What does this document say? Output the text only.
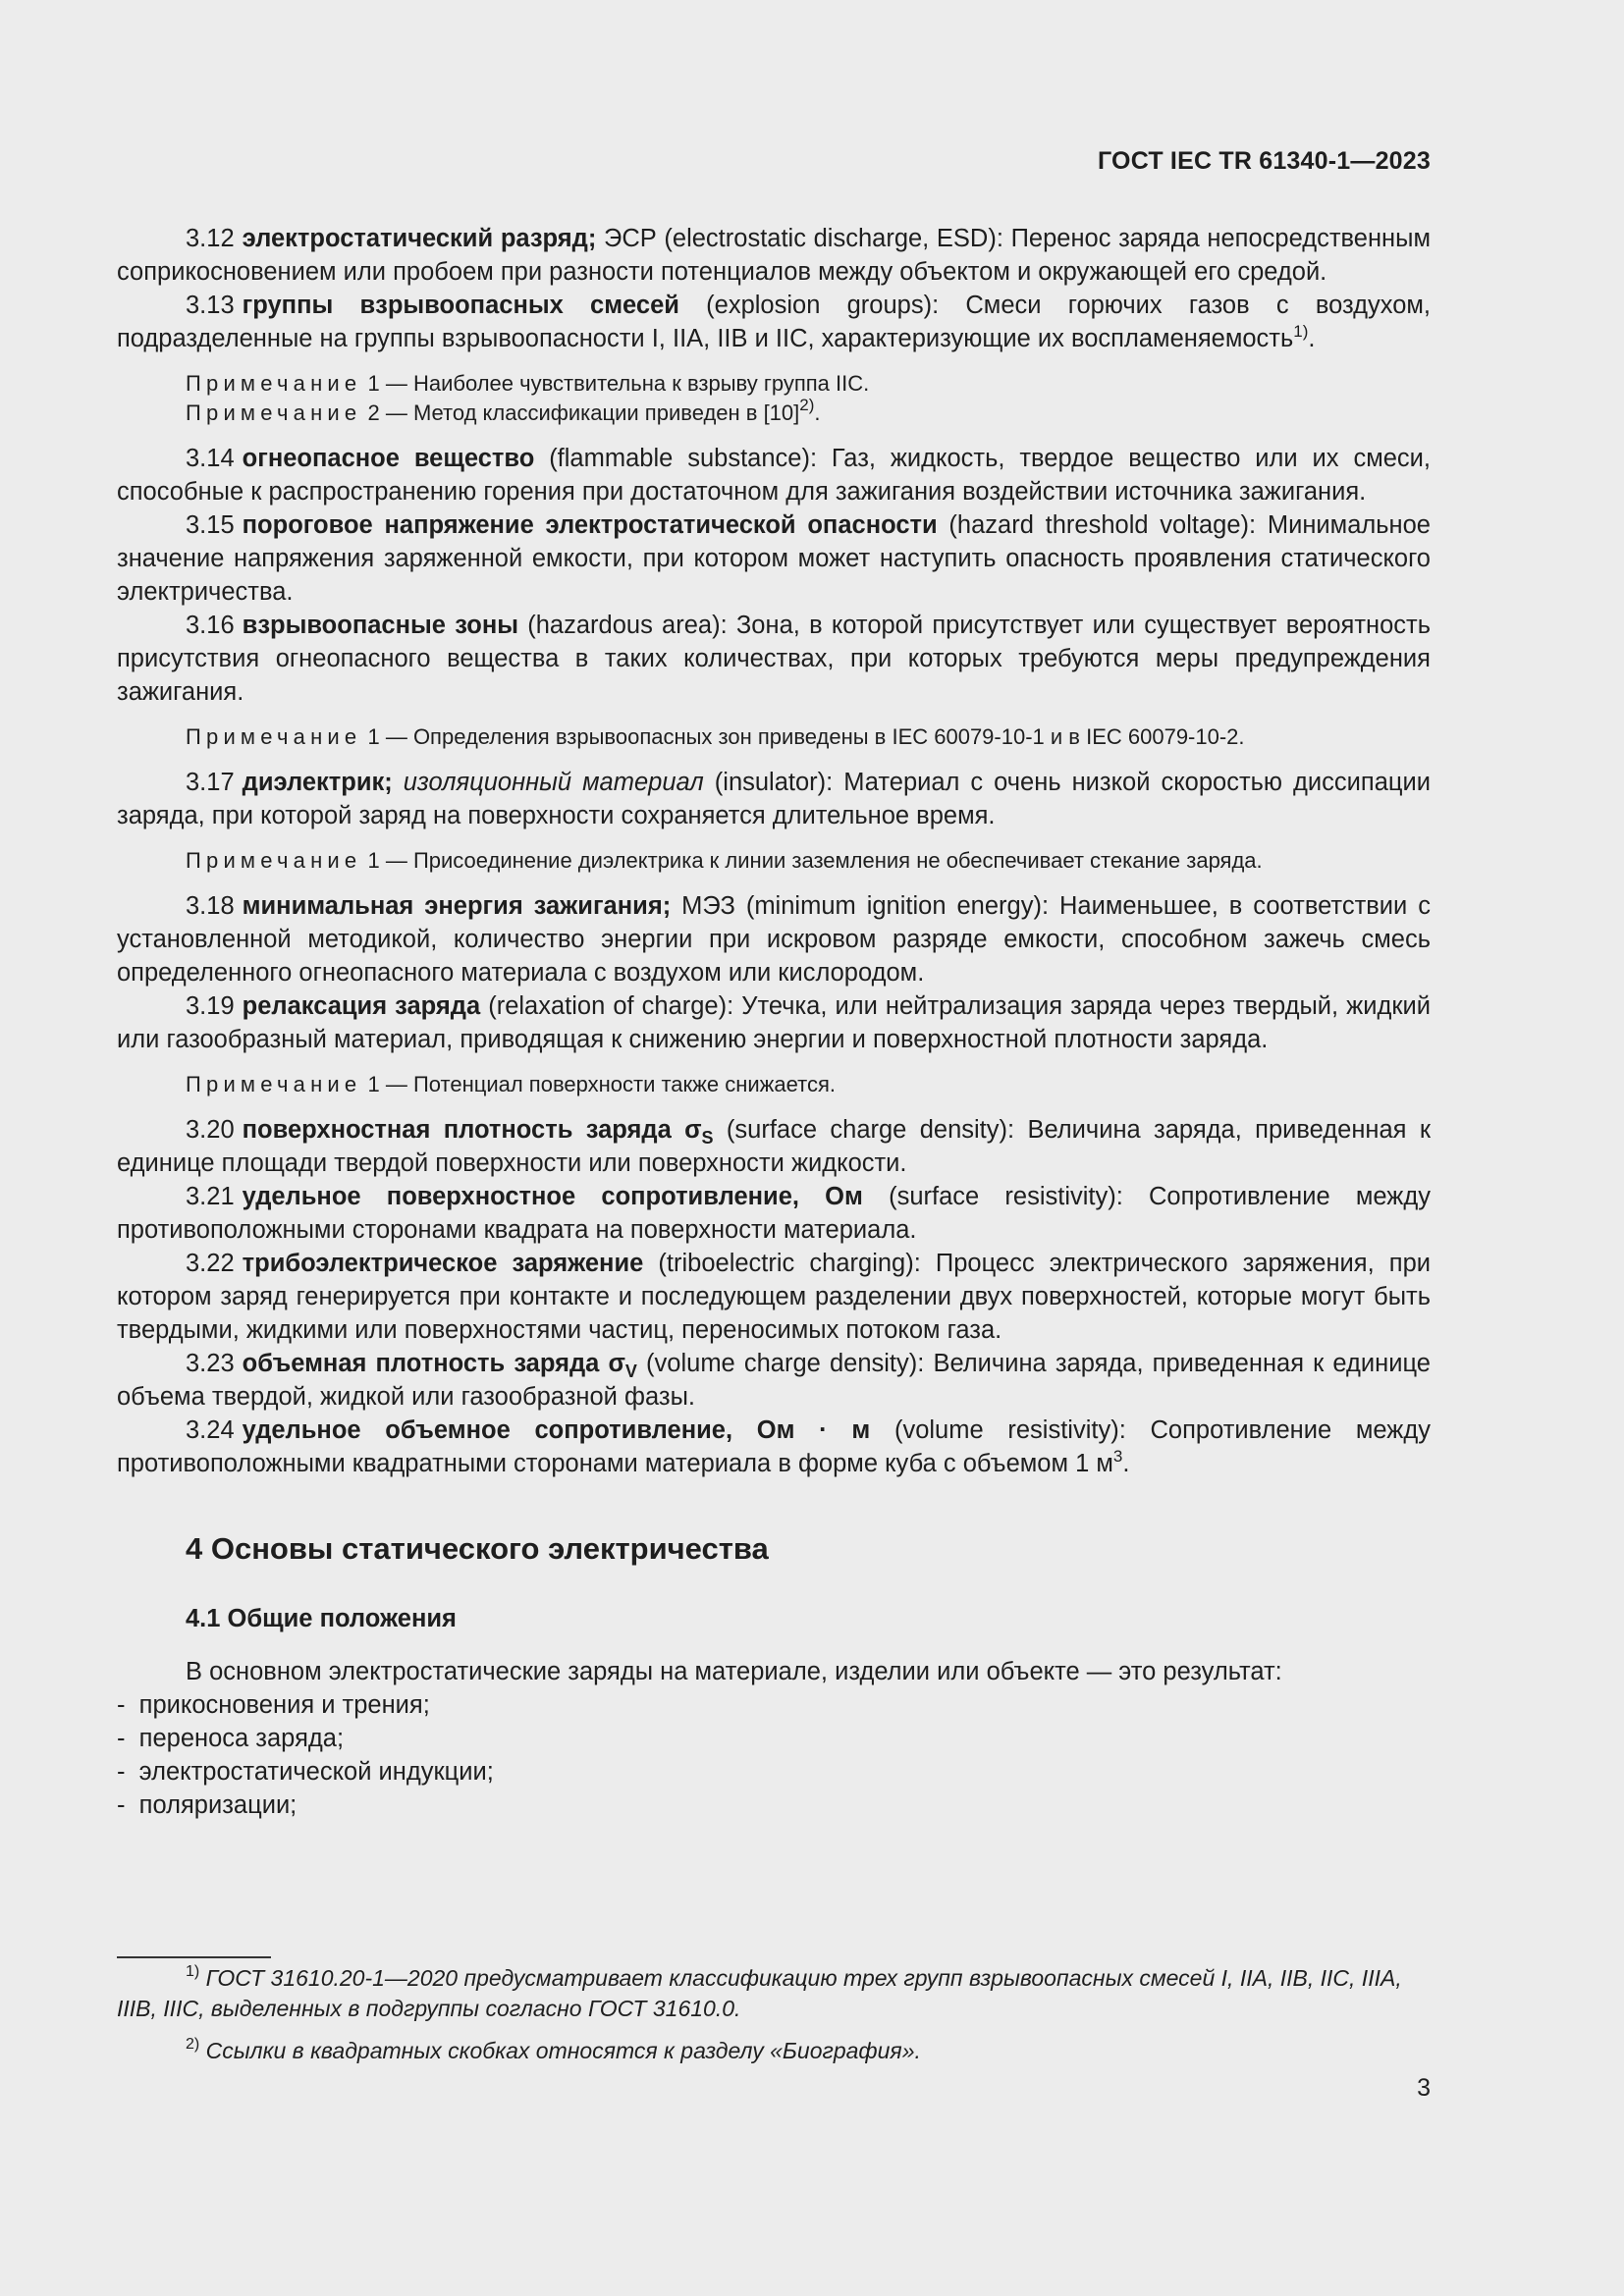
ГОСТ IEC TR 61340-1—2023

3.12 электростатический разряд; ЭСР (electrostatic discharge, ESD): Перенос заряда непосредственным соприкосновением или пробоем при разности потенциалов между объектом и окружающей его средой.

3.13 группы взрывоопасных смесей (explosion groups): Смеси горючих газов с воздухом, подразделенные на группы взрывоопасности I, IIA, IIB и IIC, характеризующие их воспламеняемость$^{1)}$.

Примечание 1 — Наиболее чувствительна к взрыву группа IIC.
Примечание 2 — Метод классификации приведен в $[10]^{2)}$.

3.14 огнеопасное вещество (flammable substance): Газ, жидкость, твердое вещество или их смеси, способные к распространению горения при достаточном для зажигания воздействии источника зажигания.

3.15 пороговое напряжение электростатической опасности (hazard threshold voltage): Минимальное значение напряжения заряженной емкости, при котором может наступить опасность проявления статического электричества.

3.16 взрывоопасные зоны (hazardous area): Зона, в которой присутствует или существует вероятность присутствия огнеопасного вещества в таких количествах, при которых требуются меры предупреждения зажигания.

Примечание 1 — Определения взрывоопасных зон приведены в IEC 60079-10-1 и в IEC 60079-10-2.

3.17 диэлектрик; изоляционный материал (insulator): Материал с очень низкой скоростью диссипации заряда, при которой заряд на поверхности сохраняется длительное время.

Примечание 1 — Присоединение диэлектрика к линии заземления не обеспечивает стекание заряда.

3.18 минимальная энергия зажигания; МЭЗ (minimum ignition energy): Наименьшее, в соответствии с установленной методикой, количество энергии при искровом разряде емкости, способном зажечь смесь определенного огнеопасного материала с воздухом или кислородом.

3.19 релаксация заряда (relaxation of charge): Утечка, или нейтрализация заряда через твердый, жидкий или газообразный материал, приводящая к снижению энергии и поверхностной плотности заряда.

Примечание 1 — Потенциал поверхности также снижается.

3.20 поверхностная плотность заряда $\sigma_S$ (surface charge density): Величина заряда, приведенная к единице площади твердой поверхности или поверхности жидкости.

3.21 удельное поверхностное сопротивление, Ом (surface resistivity): Сопротивление между противоположными сторонами квадрата на поверхности материала.

3.22 трибоэлектрическое заряжение (triboelectric charging): Процесс электрического заряжения, при котором заряд генерируется при контакте и последующем разделении двух поверхностей, которые могут быть твердыми, жидкими или поверхностями частиц, переносимых потоком газа.

3.23 объемная плотность заряда $\sigma_V$ (volume charge density): Величина заряда, приведенная к единице объема твердой, жидкой или газообразной фазы.

3.24 удельное объемное сопротивление, Ом · м (volume resistivity): Сопротивление между противоположными квадратными сторонами материала в форме куба с объемом 1 $м^3$.

4 Основы статического электричества
4.1 Общие положения

В основном электростатические заряды на материале, изделии или объекте — это результат:

- прикосновения и трения;
- переноса заряда;
- электростатической индукции;
- поляризации;

$^{1)}$ ГОСТ 31610.20-1—2020 предусматривает классификацию трех групп взрывоопасных смесей I, IIA, IIB, IIC, IIIA, IIIB, IIIC, выделенных в подгруппы согласно ГОСТ 31610.0.

$^{2)}$ Ссылки в квадратных скобках относятся к разделу «Биография».

3
